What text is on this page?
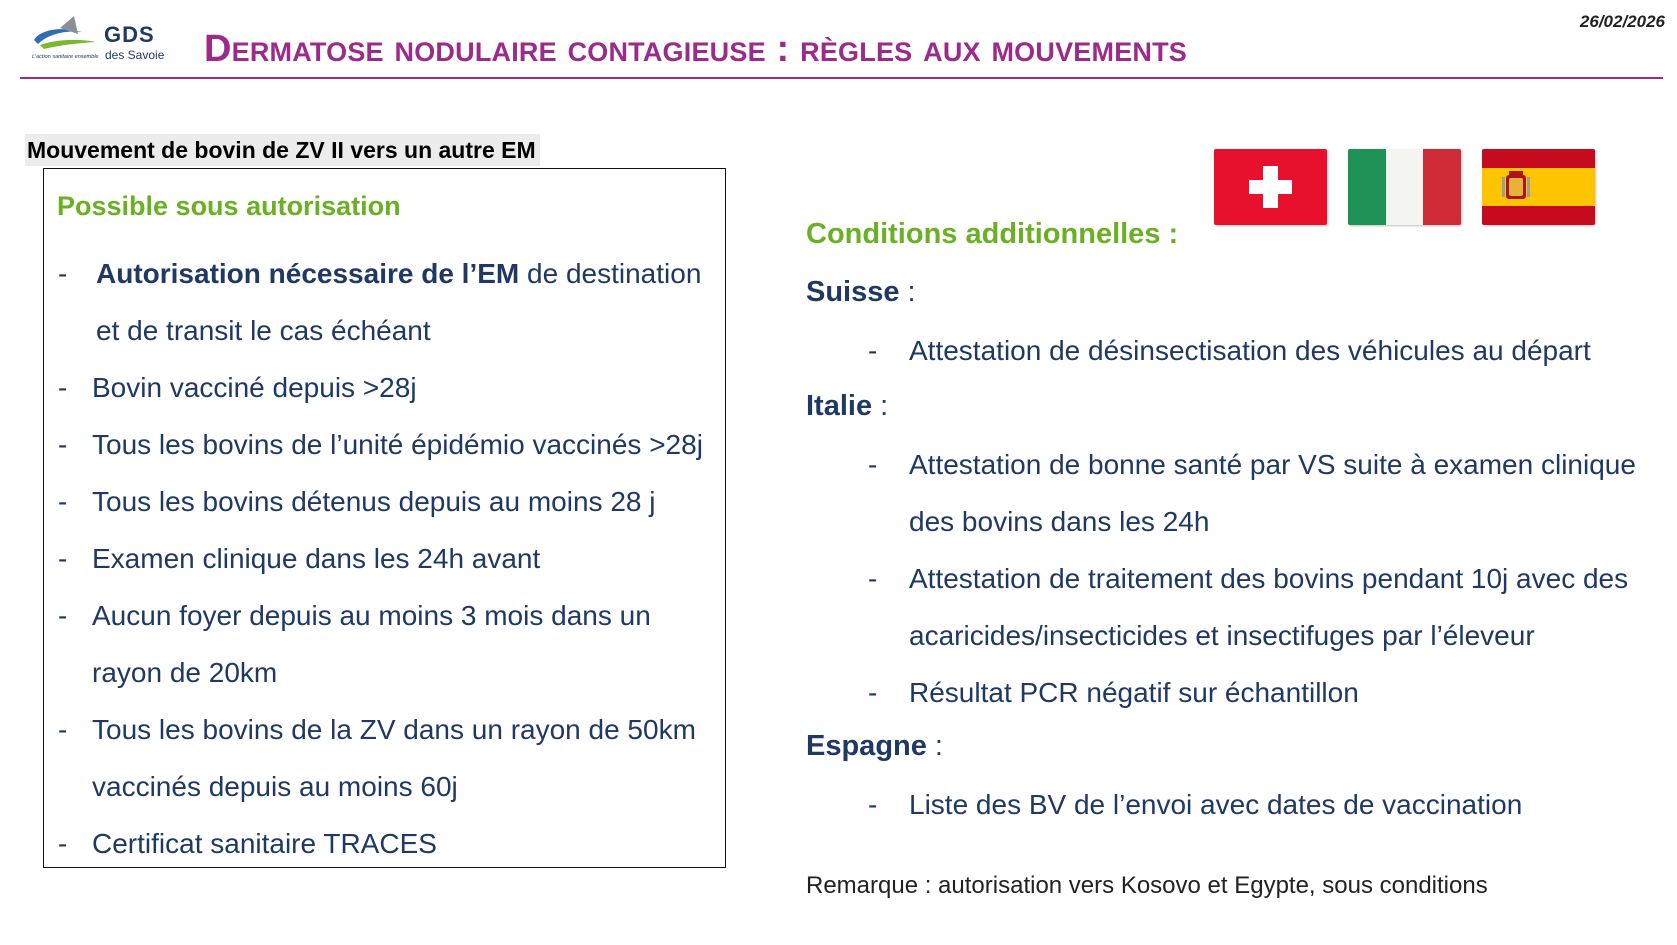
GDS
des Savoie
L'action sanitaire ensemble	Dermatose nodulaire contagieuse : règles aux mouvements
26/02/2026
Mouvement de bovin de ZV II vers un autre EM
Possible sous autorisation
- Autorisation nécessaire de l’EM de destination et de transit le cas échéant
- Bovin vacciné depuis >28j
- Tous les bovins de l’unité épidémio vaccinés >28j
- Tous les bovins détenus depuis au moins 28 j
- Examen clinique dans les 24h avant
- Aucun foyer depuis au moins 3 mois dans un rayon de 20km
- Tous les bovins de la ZV dans un rayon de 50km vaccinés depuis au moins 60j
- Certificat sanitaire TRACES
Conditions additionnelles :
Suisse :
- Attestation de désinsectisation des véhicules au départ
Italie :
- Attestation de bonne santé par VS suite à examen clinique des bovins dans les 24h
- Attestation de traitement des bovins pendant 10j avec des acaricides/insecticides et insectifuges par l’éleveur
- Résultat PCR négatif sur échantillon
Espagne :
- Liste des BV de l’envoi avec dates de vaccination
Remarque : autorisation vers Kosovo et Egypte, sous conditions
